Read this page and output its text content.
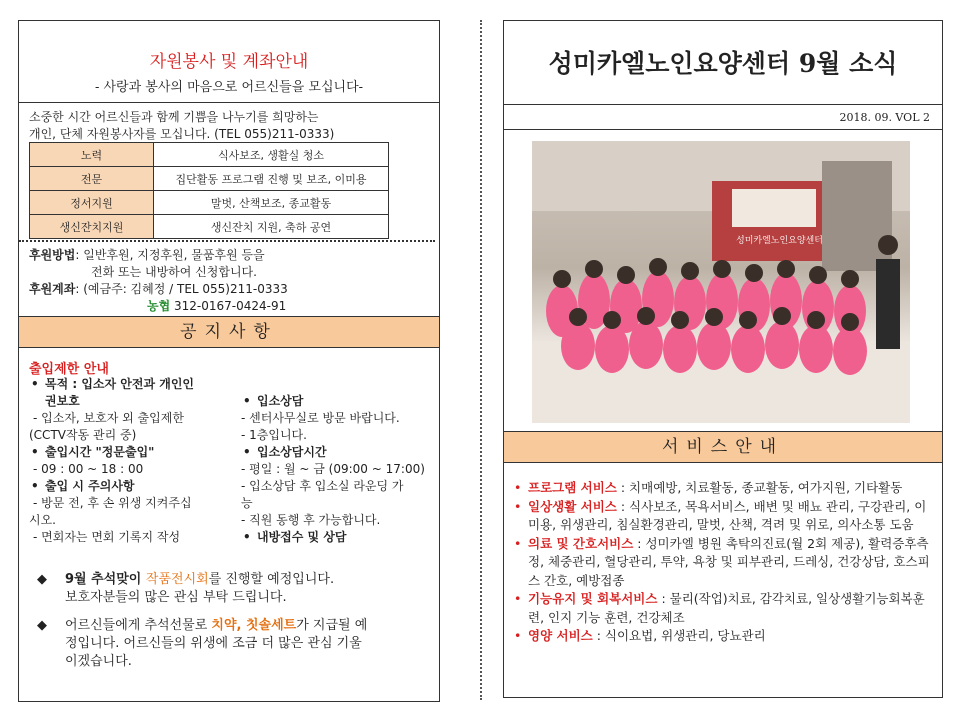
자원봉사 및 계좌안내
- 사랑과 봉사의 마음으로 어르신들을 모십니다-
소중한 시간 어르신들과 함께 기쁨을 나누기를 희망하는
개인, 단체 자원봉사자를 모십니다. (TEL 055)211-0333)
노력	식사보조, 생활실 청소
전문	집단활동 프로그램 진행 및 보조, 이미용
정서지원	말벗, 산책보조, 종교활동
생신잔치지원	생신잔치 지원, 축하 공연
후원방법: 일반후원, 지정후원, 물품후원 등을
전화 또는 내방하여 신청합니다.
후원계좌: (예금주: 김혜정 / TEL 055)211-0333
농협 312-0167-0424-91
공지사항
출입제한 안내
• 목적 : 입소자 안전과 개인인
권보호
- 입소자, 보호자 외 출입제한
(CCTV작동 관리 중)
• 출입시간 "정문출입"
- 09 : 00 ~ 18 : 00
• 출입 시 주의사항
- 방문 전, 후 손 위생 지켜주십
시오.
- 면회자는 면회 기록지 작성
• 입소상담
- 센터사무실로 방문 바랍니다.
- 1층입니다.
• 입소상담시간
- 평일 : 월 ~ 금 (09:00 ~ 17:00)
- 입소상담 후 입소실 라운딩 가
능
- 직원 동행 후 가능합니다.
• 내방접수 및 상담
◆	9월 추석맞이 작품전시회를 진행할 예정입니다.
보호자분들의 많은 관심 부탁 드립니다.
◆	어르신들에게 추석선물로 치약, 칫솔세트가 지급될 예
정입니다. 어르신들의 위생에 조금 더 많은 관심 기울
이겠습니다.
성미카엘노인요양센터 9월 소식
2018. 09. VOL 2
성미카엘노인요양센터
서비스안내
• 프로그램 서비스 : 치매예방, 치료활동, 종교활동, 여가지원, 기타활동
• 일상생활 서비스 : 식사보조, 목욕서비스, 배변 및 배뇨 관리, 구강관리, 이미용, 위생관리, 침실환경관리, 말벗, 산책, 격려 및 위로, 의사소통 도움
• 의료 및 간호서비스 : 성미카엘 병원 촉탁의진료(월 2회 제공), 활력증후측정, 체중관리, 혈당관리, 투약, 욕창 및 피부관리, 드레싱, 건강상담, 호스피스 간호, 예방접종
• 기능유지 및 회복서비스 : 물리(작업)치료, 감각치료, 일상생활기능회복훈련, 인지 기능 훈련, 건강체조
• 영양 서비스 : 식이요법, 위생관리, 당뇨관리
